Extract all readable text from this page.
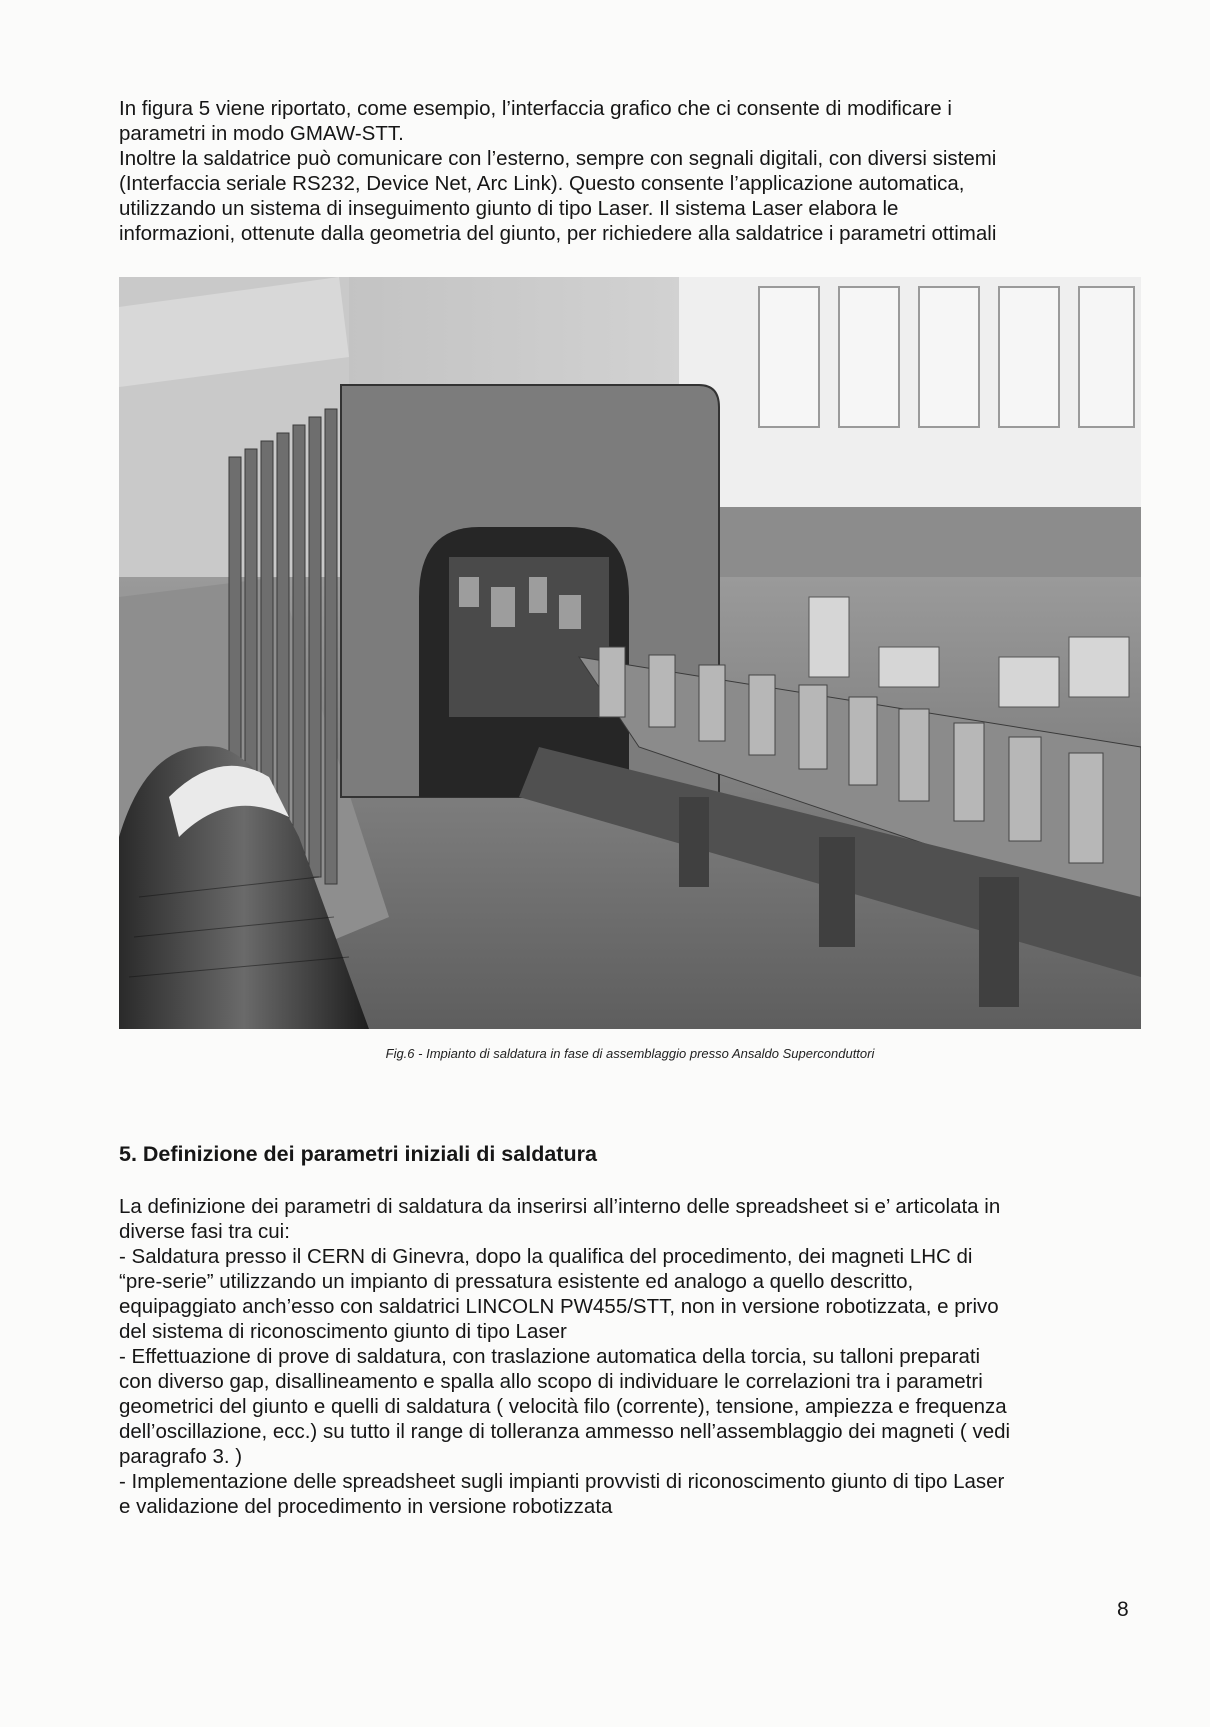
In figura 5 viene riportato, come esempio, l’interfaccia grafico che ci consente di modificare i
parametri in modo GMAW-STT.
Inoltre la saldatrice può comunicare con l’esterno, sempre con segnali digitali, con diversi sistemi
(Interfaccia seriale RS232, Device Net, Arc Link). Questo consente l’applicazione automatica,
utilizzando un sistema di inseguimento giunto di tipo Laser. Il sistema Laser elabora le
informazioni, ottenute dalla geometria del giunto, per richiedere alla saldatrice i parametri ottimali

Fig.6 - Impianto di saldatura in fase di assemblaggio presso Ansaldo Superconduttori
5. Definizione dei parametri iniziali di saldatura

La definizione dei parametri di saldatura da inserirsi all’interno delle spreadsheet si e’ articolata in
diverse fasi tra cui:
- Saldatura presso il CERN di Ginevra, dopo la qualifica del procedimento, dei magneti LHC di
“pre-serie” utilizzando un impianto di pressatura esistente ed analogo a quello descritto,
equipaggiato anch’esso con saldatrici LINCOLN PW455/STT, non in versione robotizzata, e privo
del sistema di riconoscimento giunto di tipo Laser
- Effettuazione di prove di saldatura, con traslazione automatica della torcia, su talloni preparati
con diverso gap, disallineamento e spalla allo scopo di individuare le correlazioni tra i parametri
geometrici del giunto e quelli di saldatura ( velocità filo (corrente), tensione, ampiezza e frequenza
dell’oscillazione, ecc.) su tutto il range di tolleranza ammesso nell’assemblaggio dei magneti ( vedi
paragrafo 3. )
- Implementazione delle spreadsheet sugli impianti provvisti di riconoscimento giunto di tipo Laser
e validazione del procedimento in versione robotizzata

8
